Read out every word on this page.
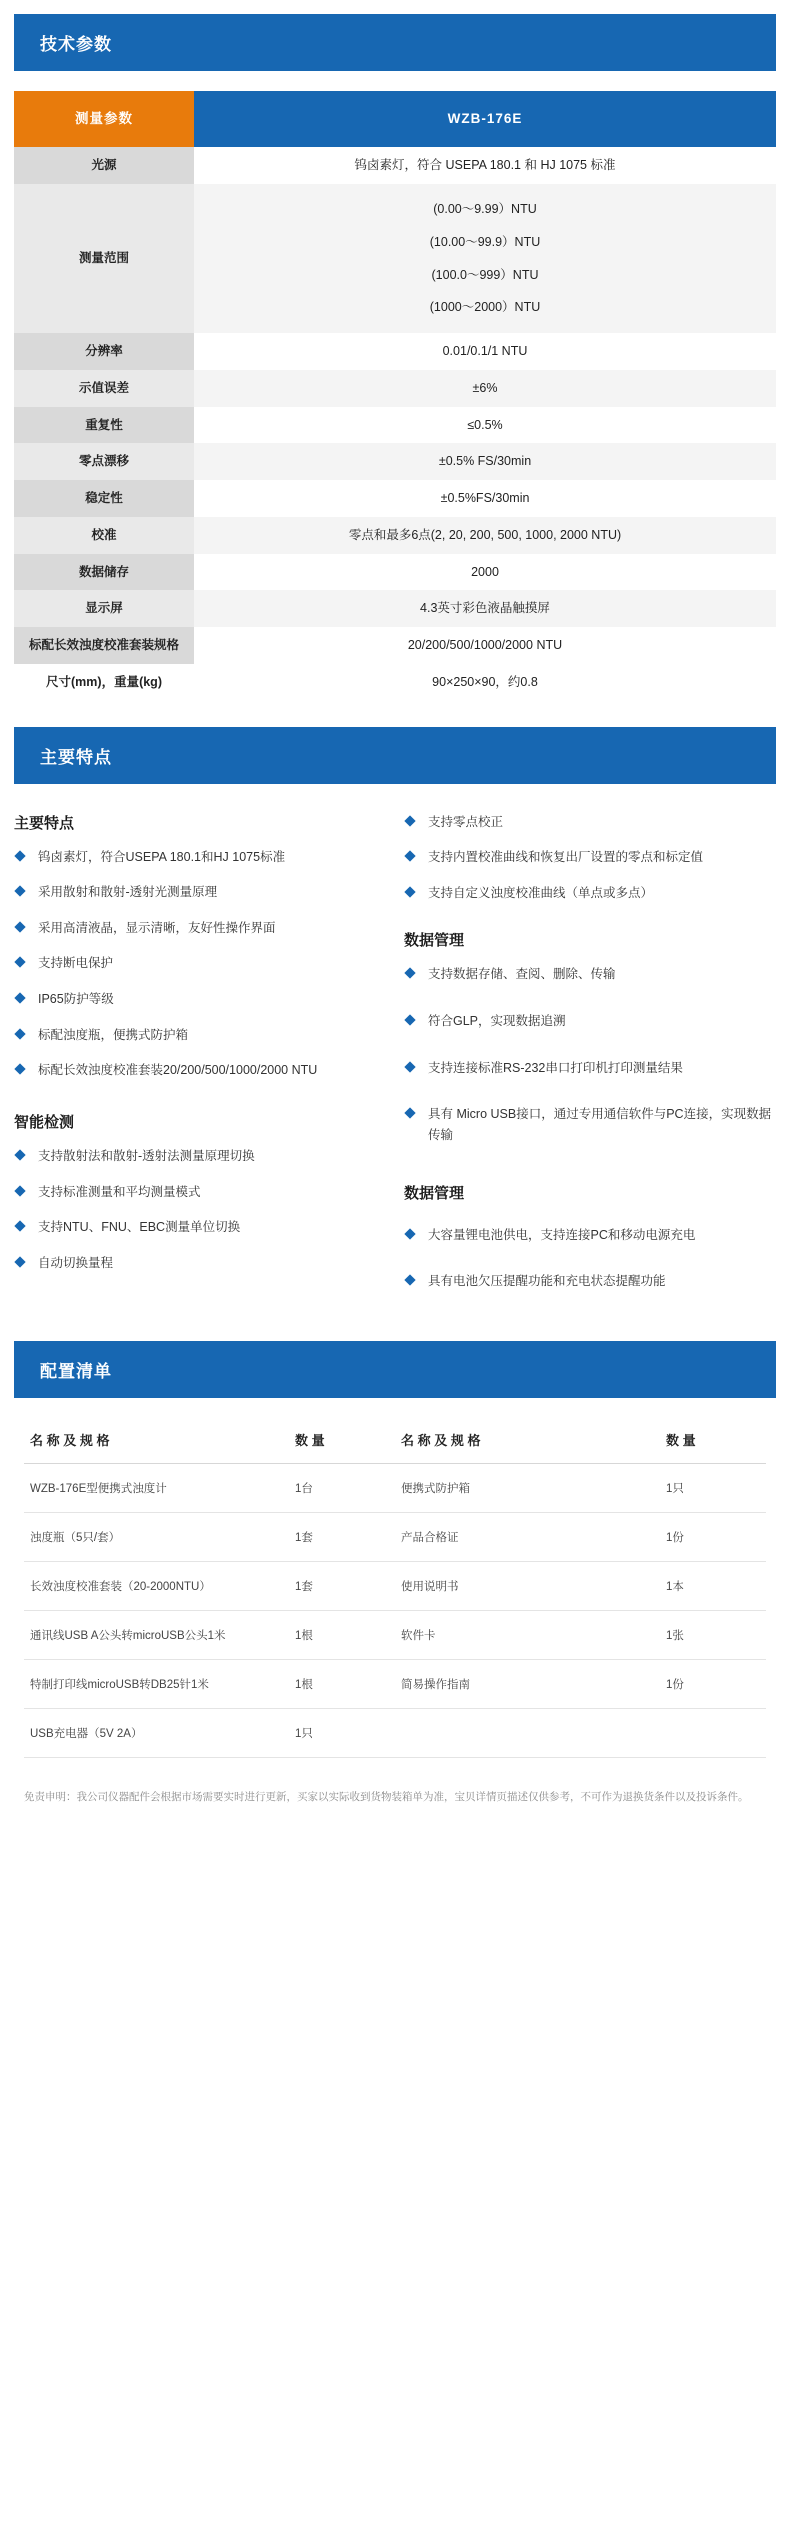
技术参数
测量参数	WZB-176E
光源	钨卤素灯，符合 USEPA 180.1 和 HJ 1075 标准
测量范围	(0.00～9.99）NTU
(10.00～99.9）NTU
(100.0～999）NTU
(1000～2000）NTU

分辨率	0.01/0.1/1 NTU
示值误差	±6%
重复性	≤0.5%
零点漂移	±0.5% FS/30min
稳定性	±0.5%FS/30min
校准	零点和最多6点(2, 20, 200, 500, 1000, 2000 NTU)
数据储存	2000
显示屏	4.3英寸彩色液晶触摸屏
标配长效浊度校准套装规格	20/200/500/1000/2000 NTU
尺寸(mm)，重量(kg)	90×250×90，约0.8
主要特点
主要特点
钨卤素灯，符合USEPA 180.1和HJ 1075标准
采用散射和散射-透射光测量原理
采用高清液晶，显示清晰，友好性操作界面
支持断电保护
IP65防护等级
标配浊度瓶，便携式防护箱
标配长效浊度校准套装20/200/500/1000/2000 NTU
智能检测
支持散射法和散射-透射法测量原理切换
支持标准测量和平均测量模式
支持NTU、FNU、EBC测量单位切换
自动切换量程
支持零点校正
支持内置校准曲线和恢复出厂设置的零点和标定值
支持自定义浊度校准曲线（单点或多点）
数据管理
支持数据存储、查阅、删除、传输
符合GLP，实现数据追溯
支持连接标准RS-232串口打印机打印测量结果
具有 Micro USB接口，通过专用通信软件与PC连接，实现数据传输
数据管理
大容量锂电池供电，支持连接PC和移动电源充电
具有电池欠压提醒功能和充电状态提醒功能
配置清单
名 称 及 规 格	数 量	名 称 及 规 格	数 量
WZB-176E型便携式浊度计	1台	便携式防护箱	1只
浊度瓶（5只/套）	1套	产品合格证	1份
长效浊度校准套装（20-2000NTU）	1套	使用说明书	1本
通讯线USB A公头转microUSB公头1米	1根	软件卡	1张
特制打印线microUSB转DB25针1米	1根	简易操作指南	1份
USB充电器（5V 2A）	1只		
免责申明：我公司仪器配件会根据市场需要实时进行更新，买家以实际收到货物装箱单为准，宝贝详情页描述仅供参考，不可作为退换货条件以及投诉条件。
